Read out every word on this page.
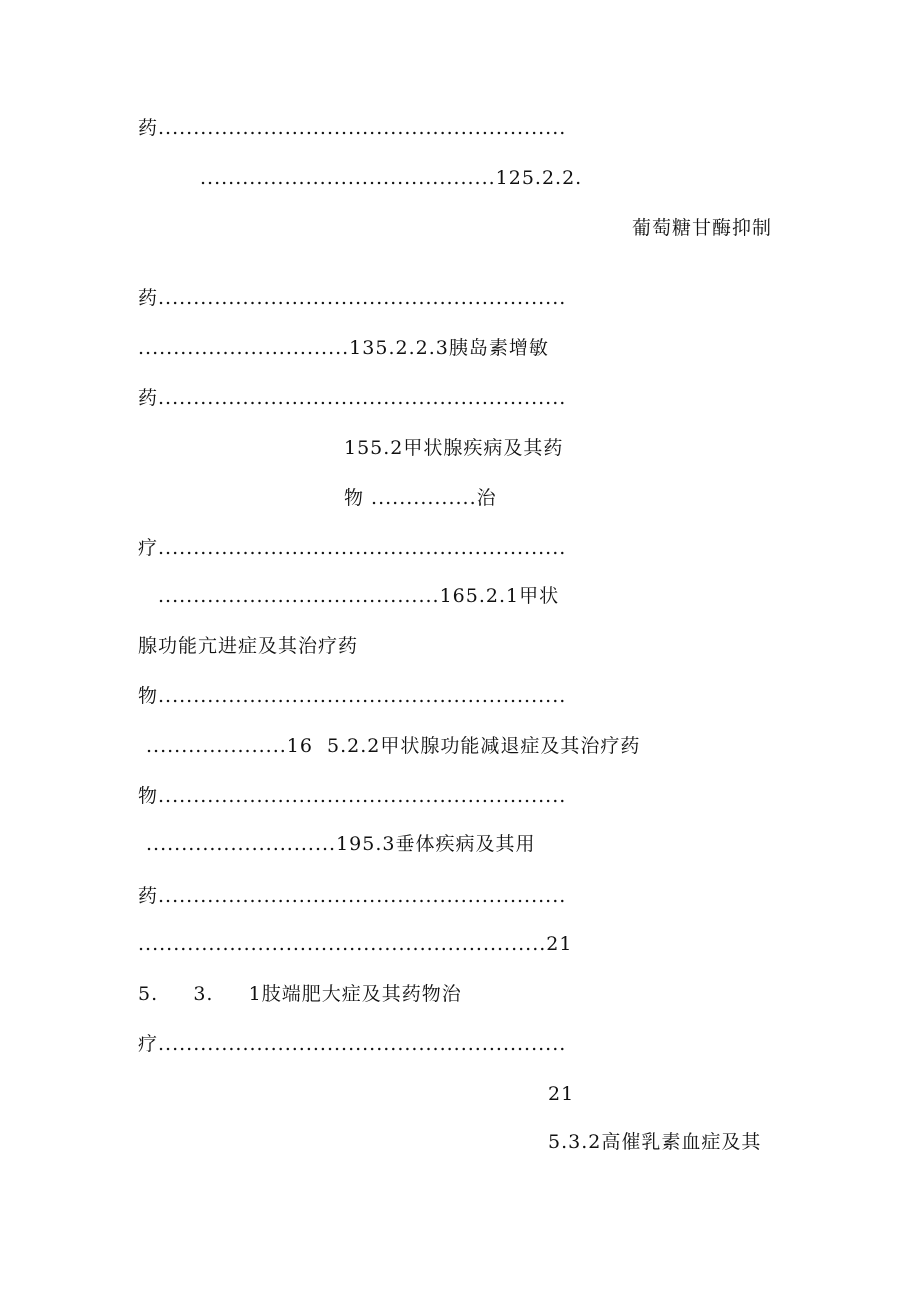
药..........................................................
..........................................125.2.2.
葡萄糖甘酶抑制
药..........................................................
..............................135.2.2.3胰岛素增敏
药..........................................................
155.2甲状腺疾病及其药
物 ...............治
疗..........................................................
........................................165.2.1甲状
腺功能亢进症及其治疗药
物..........................................................
....................16  5.2.2甲状腺功能减退症及其治疗药
物..........................................................
...........................195.3垂体疾病及其用
药..........................................................
..........................................................21
5.     3.     1肢端肥大症及其药物治
疗..........................................................
21
5.3.2高催乳素血症及其
